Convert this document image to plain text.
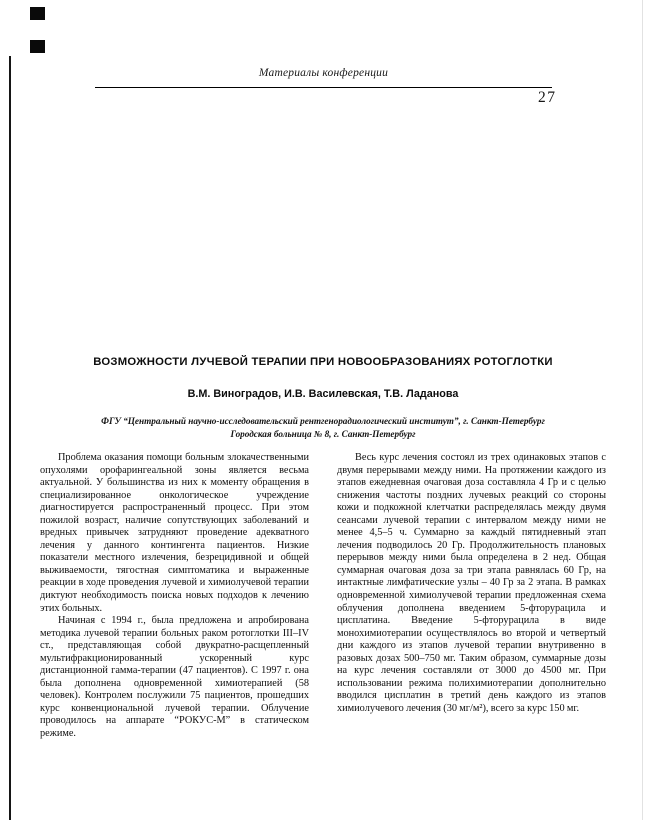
Материалы конференции
27
ВОЗМОЖНОСТИ ЛУЧЕВОЙ ТЕРАПИИ ПРИ НОВООБРАЗОВАНИЯХ РОТОГЛОТКИ
В.М. Виноградов, И.В. Василевская, Т.В. Ладанова
ФГУ “Центральный научно-исследовательский рентгенорадиологический институт”, г. Санкт-Петербург
Городская больница № 8, г. Санкт-Петербург

Проблема оказания помощи больным злокачественными опухолями орофарингеальной зоны является весьма актуальной. У большинства из них к моменту обращения в специализированное онкологическое учреждение диагностируется распространенный процесс. При этом пожилой возраст, наличие сопутствующих заболеваний и вредных привычек затрудняют проведение адекватного лечения у данного контингента пациентов. Низкие показатели местного излечения, безрецидивной и общей выживаемости, тягостная симптоматика и выраженные реакции в ходе проведения лучевой и химиолучевой терапии диктуют необходимость поиска новых подходов к лечению этих больных.

Начиная с 1994 г., была предложена и апробирована методика лучевой терапии больных раком ротоглотки III–IV ст., представляющая собой двукратно-расщепленный мультифракционированный ускоренный курс дистанционной гамма-терапии (47 пациентов). С 1997 г. она была дополнена одновременной химиотерапией (58 человек). Контролем послужили 75 пациентов, прошедших курс конвенциональной лучевой терапии. Облучение проводилось на аппарате “РОКУС-М” в статическом режиме.

Весь курс лечения состоял из трех одинаковых этапов с двумя перерывами между ними. На протяжении каждого из этапов ежедневная очаговая доза составляла 4 Гр и с целью снижения частоты поздних лучевых реакций со стороны кожи и подкожной клетчатки распределялась между двумя сеансами лучевой терапии с интервалом между ними не менее 4,5–5 ч. Суммарно за каждый пятидневный этап лечения подводилось 20 Гр. Продолжительность плановых перерывов между ними была определена в 2 нед. Общая суммарная очаговая доза за три этапа равнялась 60 Гр, на интактные лимфатические узлы – 40 Гр за 2 этапа. В рамках одновременной химиолучевой терапии предложенная схема облучения дополнена введением 5-фторурацила и цисплатина. Введение 5-фторурацила в виде монохимиотерапии осуществлялось во второй и четвертый дни каждого из этапов лучевой терапии внутривенно в разовых дозах 500–750 мг. Таким образом, суммарные дозы на курс лечения составляли от 3000 до 4500 мг. При использовании режима полихимиотерапии дополнительно вводился цисплатин в третий день каждого из этапов химиолучевого лечения (30 мг/м²), всего за курс 150 мг.
